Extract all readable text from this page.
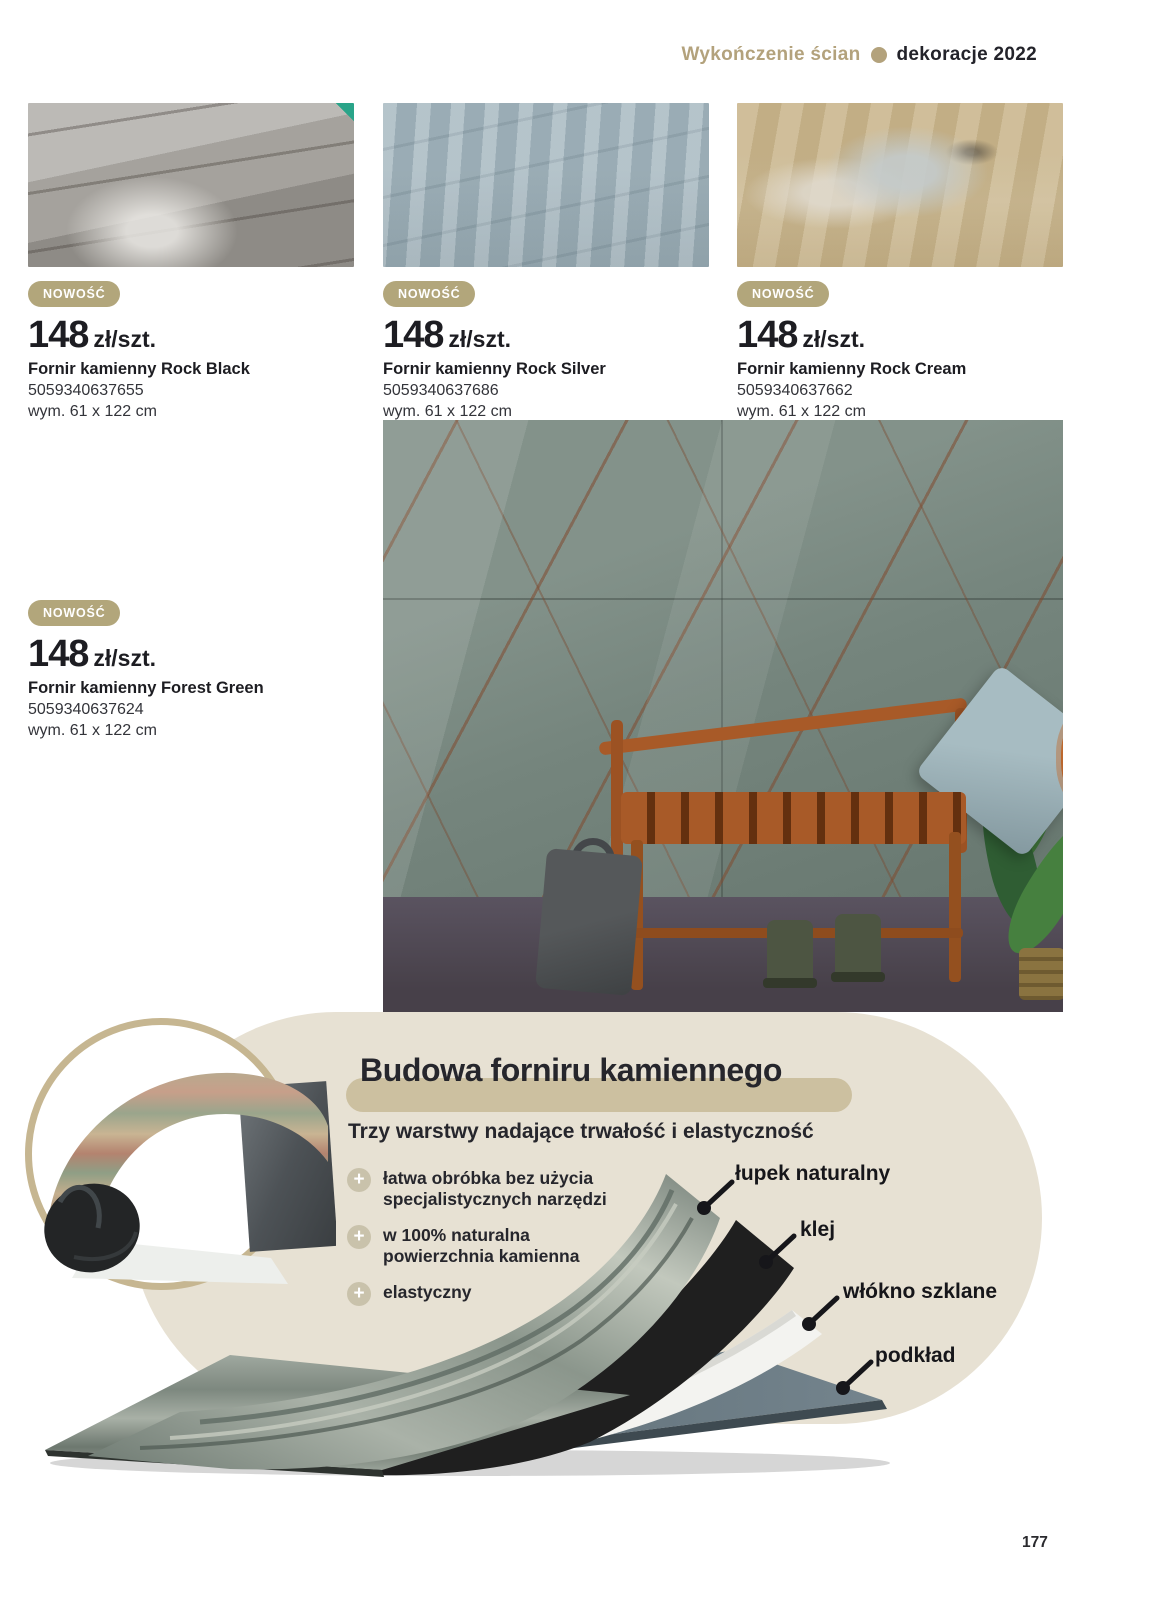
Wykończenie ścian dekoracje 2022
NOWOŚĆ
148 zł/szt.
Fornir kamienny Rock Black
5059340637655
wym. 61 x 122 cm
NOWOŚĆ
148 zł/szt.
Fornir kamienny Rock Silver
5059340637686
wym. 61 x 122 cm
NOWOŚĆ
148 zł/szt.
Fornir kamienny Rock Cream
5059340637662
wym. 61 x 122 cm
NOWOŚĆ
148 zł/szt.
Fornir kamienny Forest Green
5059340637624
wym. 61 x 122 cm
Budowa forniru kamiennego
Trzy warstwy nadające trwałość i elastyczność
+	łatwa obróbka bez użycia specjalistycznych narzędzi
+	w 100% naturalna powierzchnia kamienna
+	elastyczny
łupek naturalny
klej
włókno szklane
podkład
177
